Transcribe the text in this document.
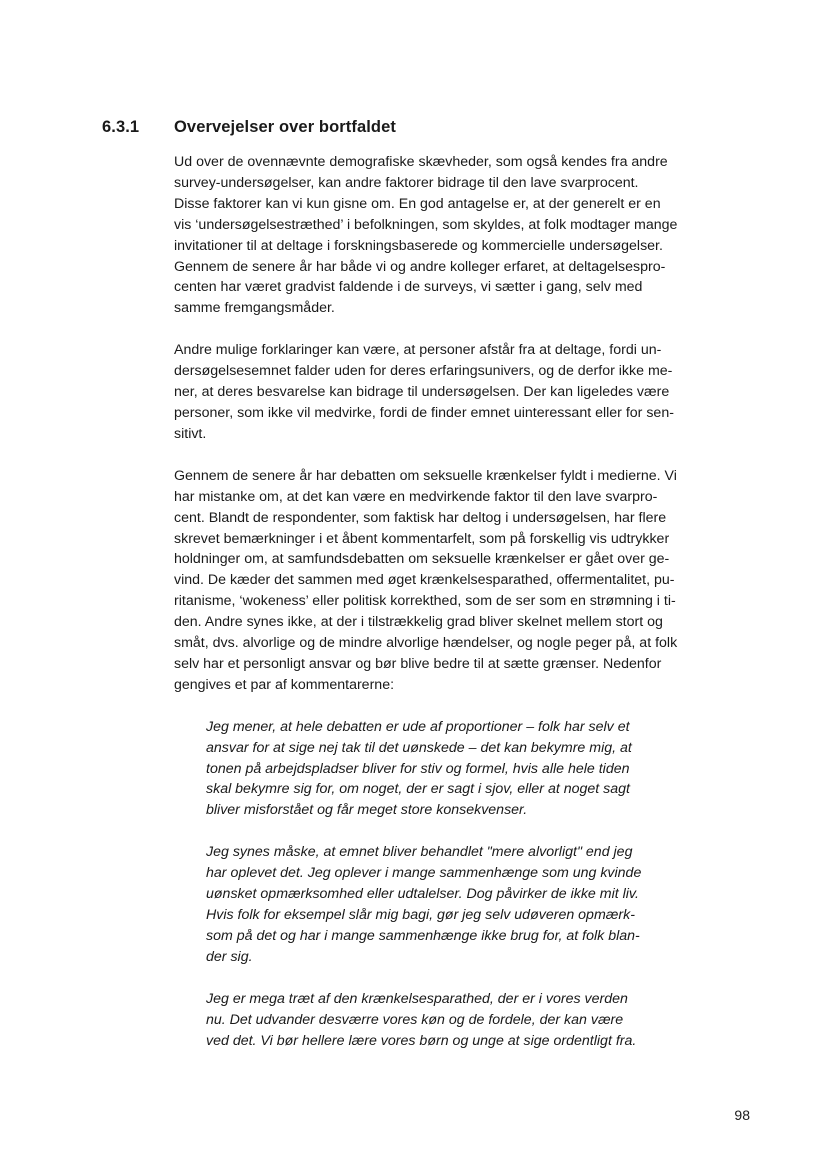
6.3.1 Overvejelser over bortfaldet

Ud over de ovennævnte demografiske skævheder, som også kendes fra andre
survey-undersøgelser, kan andre faktorer bidrage til den lave svarprocent.
Disse faktorer kan vi kun gisne om. En god antagelse er, at der generelt er en
vis ‘undersøgelsestræthed’ i befolkningen, som skyldes, at folk modtager mange
invitationer til at deltage i forskningsbaserede og kommercielle undersøgelser.
Gennem de senere år har både vi og andre kolleger erfaret, at deltagelsespro-
centen har været gradvist faldende i de surveys, vi sætter i gang, selv med
samme fremgangsmåder.

Andre mulige forklaringer kan være, at personer afstår fra at deltage, fordi un-
dersøgelsesemnet falder uden for deres erfaringsunivers, og de derfor ikke me-
ner, at deres besvarelse kan bidrage til undersøgelsen. Der kan ligeledes være
personer, som ikke vil medvirke, fordi de finder emnet uinteressant eller for sen-
sitivt.

Gennem de senere år har debatten om seksuelle krænkelser fyldt i medierne. Vi
har mistanke om, at det kan være en medvirkende faktor til den lave svarpro-
cent. Blandt de respondenter, som faktisk har deltog i undersøgelsen, har flere
skrevet bemærkninger i et åbent kommentarfelt, som på forskellig vis udtrykker
holdninger om, at samfundsdebatten om seksuelle krænkelser er gået over ge-
vind. De kæder det sammen med øget krænkelsesparathed, offermentalitet, pu-
ritanisme, ‘wokeness’ eller politisk korrekthed, som de ser som en strømning i ti-
den. Andre synes ikke, at der i tilstrækkelig grad bliver skelnet mellem stort og
småt, dvs. alvorlige og de mindre alvorlige hændelser, og nogle peger på, at folk
selv har et personligt ansvar og bør blive bedre til at sætte grænser. Nedenfor
gengives et par af kommentarerne:

Jeg mener, at hele debatten er ude af proportioner – folk har selv et
ansvar for at sige nej tak til det uønskede – det kan bekymre mig, at
tonen på arbejdspladser bliver for stiv og formel, hvis alle hele tiden
skal bekymre sig for, om noget, der er sagt i sjov, eller at noget sagt
bliver misforstået og får meget store konsekvenser.

Jeg synes måske, at emnet bliver behandlet "mere alvorligt" end jeg
har oplevet det. Jeg oplever i mange sammenhænge som ung kvinde
uønsket opmærksomhed eller udtalelser. Dog påvirker de ikke mit liv.
Hvis folk for eksempel slår mig bagi, gør jeg selv udøveren opmærk-
som på det og har i mange sammenhænge ikke brug for, at folk blan-
der sig.

Jeg er mega træt af den krænkelsesparathed, der er i vores verden
nu. Det udvander desværre vores køn og de fordele, der kan være
ved det. Vi bør hellere lære vores børn og unge at sige ordentligt fra.

98
